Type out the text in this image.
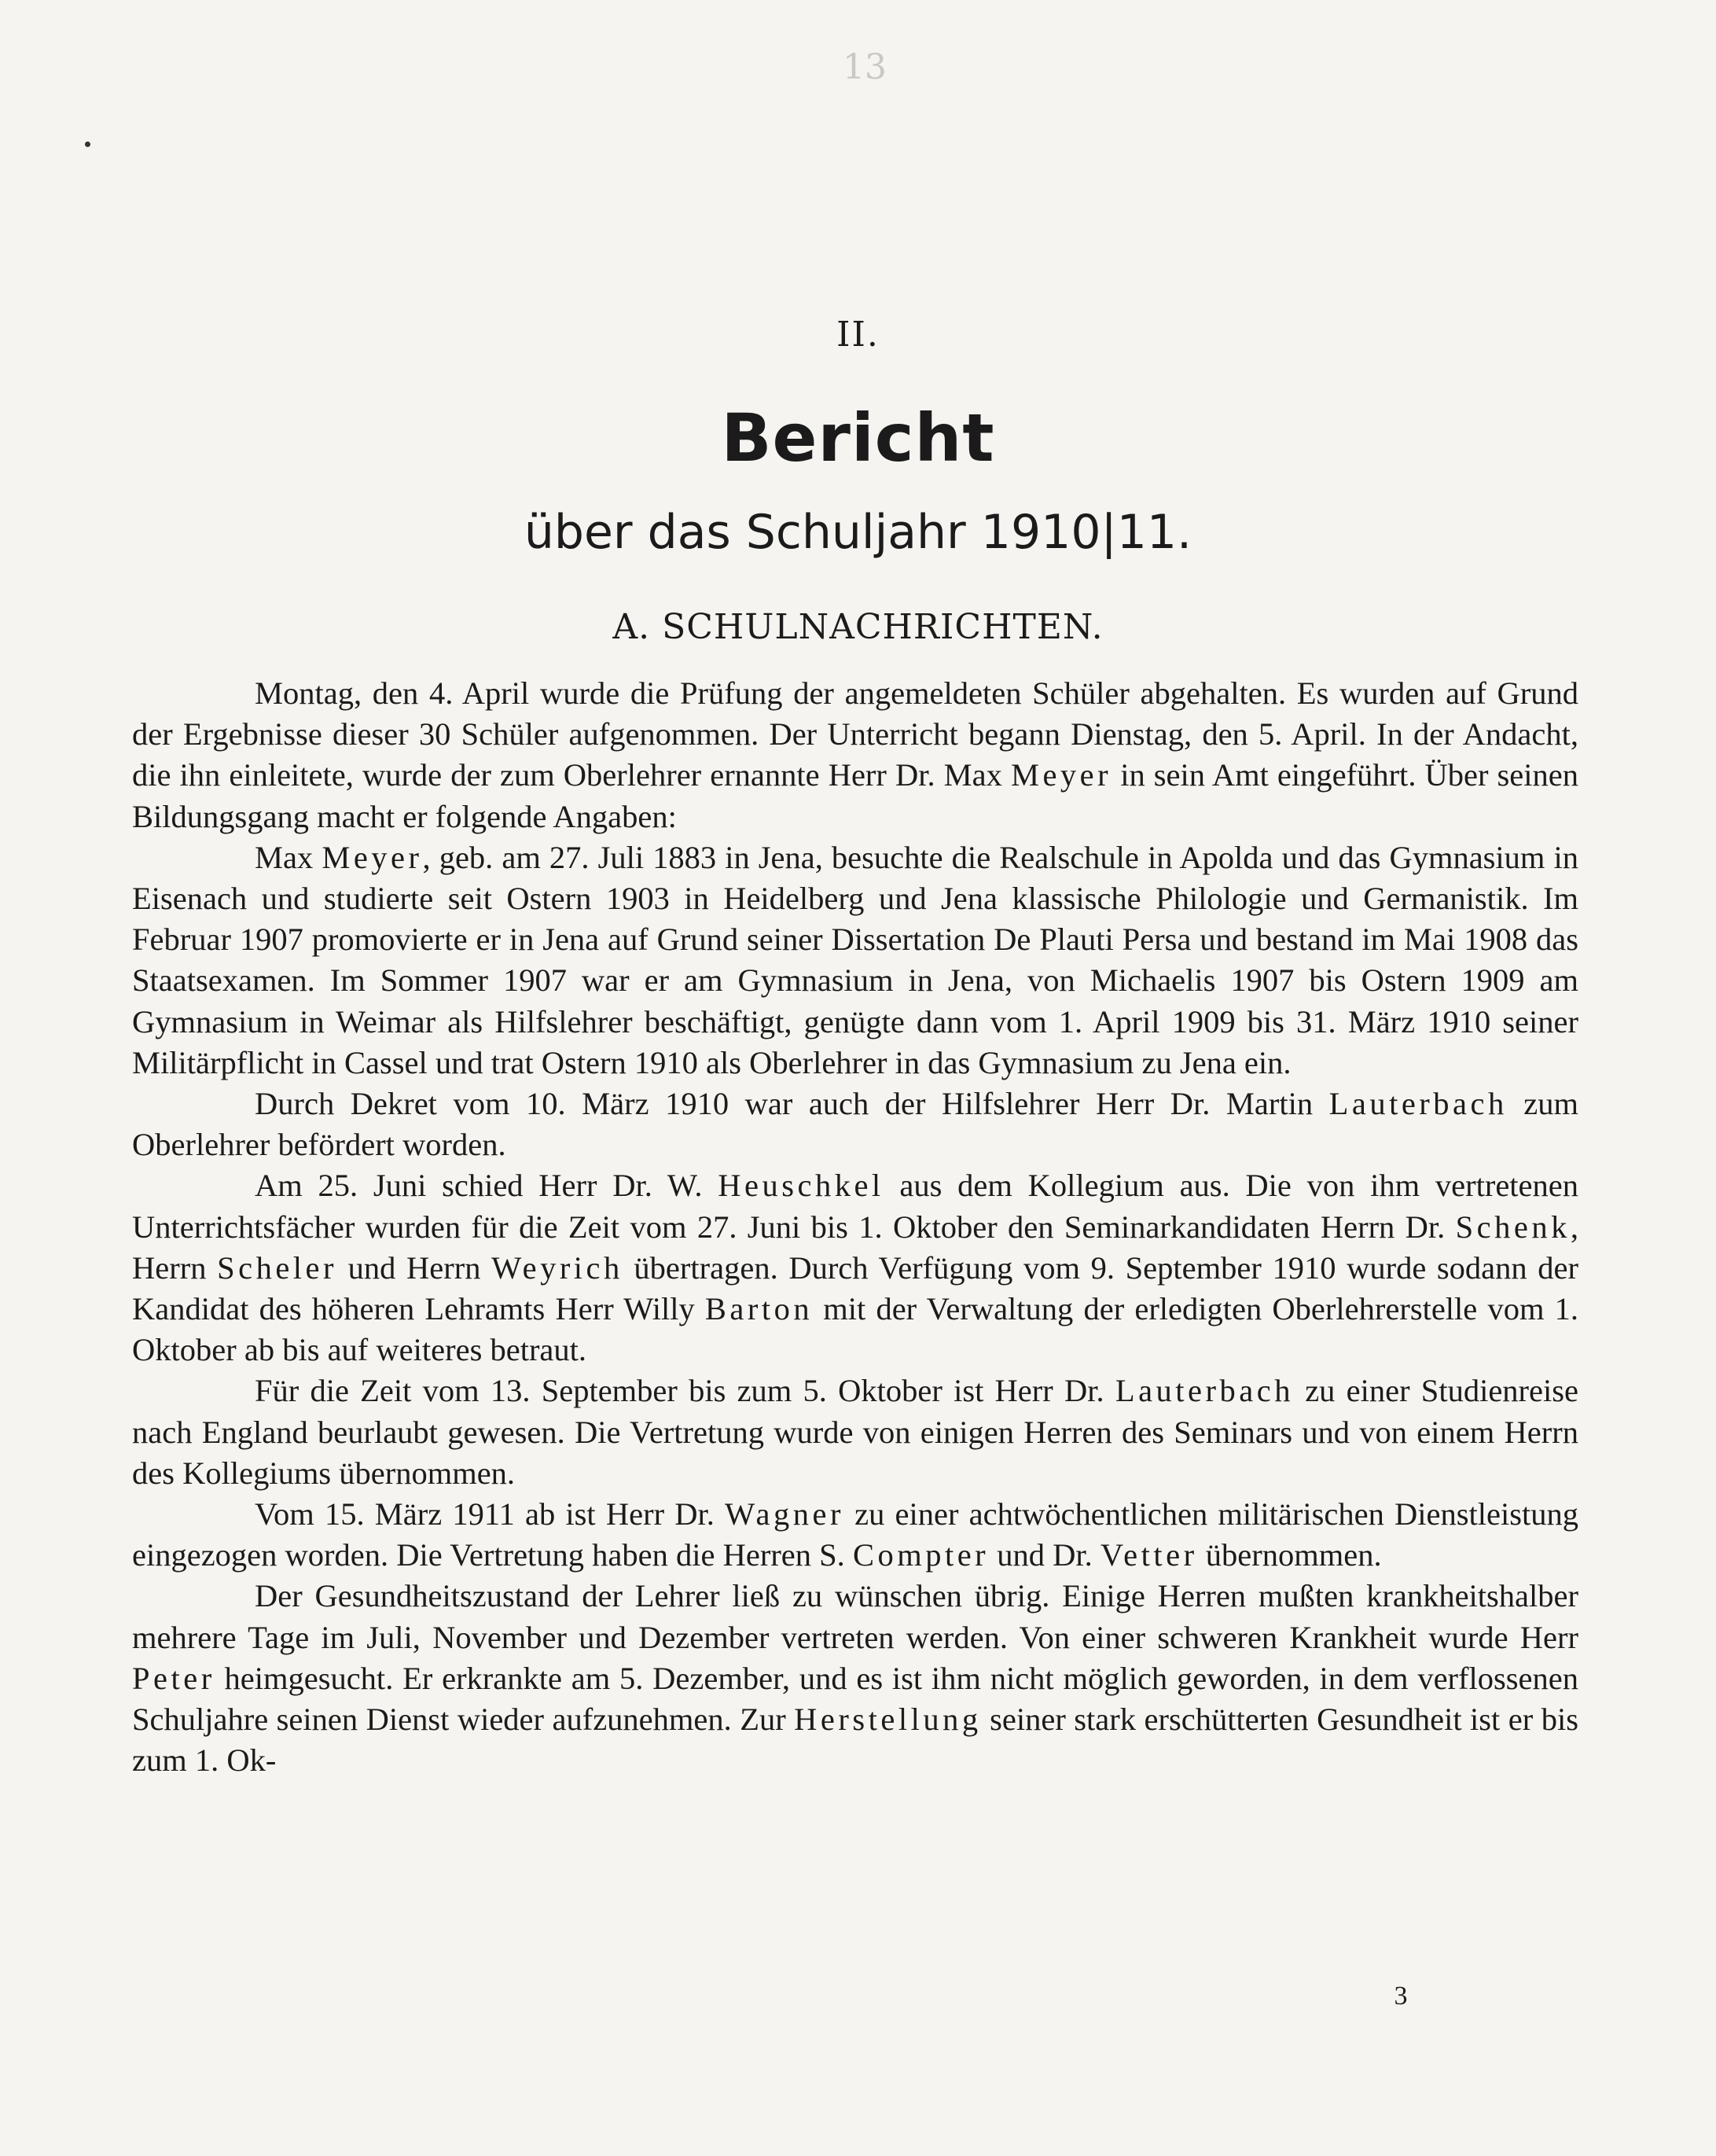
13
II.
Bericht
über das Schuljahr 1910|11.
A. SCHULNACHRICHTEN.

Montag, den 4. April wurde die Prüfung der angemeldeten Schüler abgehalten. Es wurden auf Grund der Ergebnisse dieser 30 Schüler aufgenommen. Der Unterricht begann Dienstag, den 5. April. In der Andacht, die ihn einleitete, wurde der zum Oberlehrer ernannte Herr Dr. Max Meyer in sein Amt eingeführt. Über seinen Bildungsgang macht er folgende Angaben:

Max Meyer, geb. am 27. Juli 1883 in Jena, besuchte die Realschule in Apolda und das Gymnasium in Eisenach und studierte seit Ostern 1903 in Heidelberg und Jena klassische Philologie und Germanistik. Im Februar 1907 promovierte er in Jena auf Grund seiner Dissertation De Plauti Persa und bestand im Mai 1908 das Staatsexamen. Im Sommer 1907 war er am Gymnasium in Jena, von Michaelis 1907 bis Ostern 1909 am Gymnasium in Weimar als Hilfslehrer beschäftigt, genügte dann vom 1. April 1909 bis 31. März 1910 seiner Militärpflicht in Cassel und trat Ostern 1910 als Oberlehrer in das Gymnasium zu Jena ein.

Durch Dekret vom 10. März 1910 war auch der Hilfslehrer Herr Dr. Martin Lauterbach zum Oberlehrer befördert worden.

Am 25. Juni schied Herr Dr. W. Heuschkel aus dem Kollegium aus. Die von ihm vertretenen Unterrichtsfächer wurden für die Zeit vom 27. Juni bis 1. Oktober den Seminarkandidaten Herrn Dr. Schenk, Herrn Scheler und Herrn Weyrich übertragen. Durch Verfügung vom 9. September 1910 wurde sodann der Kandidat des höheren Lehramts Herr Willy Barton mit der Verwaltung der erledigten Oberlehrerstelle vom 1. Oktober ab bis auf weiteres betraut.

Für die Zeit vom 13. September bis zum 5. Oktober ist Herr Dr. Lauterbach zu einer Studienreise nach England beurlaubt gewesen. Die Vertretung wurde von einigen Herren des Seminars und von einem Herrn des Kollegiums übernommen.

Vom 15. März 1911 ab ist Herr Dr. Wagner zu einer achtwöchentlichen militärischen Dienstleistung eingezogen worden. Die Vertretung haben die Herren S. Compter und Dr. Vetter übernommen.

Der Gesundheitszustand der Lehrer ließ zu wünschen übrig. Einige Herren mußten krankheitshalber mehrere Tage im Juli, November und Dezember vertreten werden. Von einer schweren Krankheit wurde Herr Peter heimgesucht. Er erkrankte am 5. Dezember, und es ist ihm nicht möglich geworden, in dem verflossenen Schuljahre seinen Dienst wieder aufzunehmen. Zur Herstellung seiner stark erschütterten Gesundheit ist er bis zum 1. Ok-

3
